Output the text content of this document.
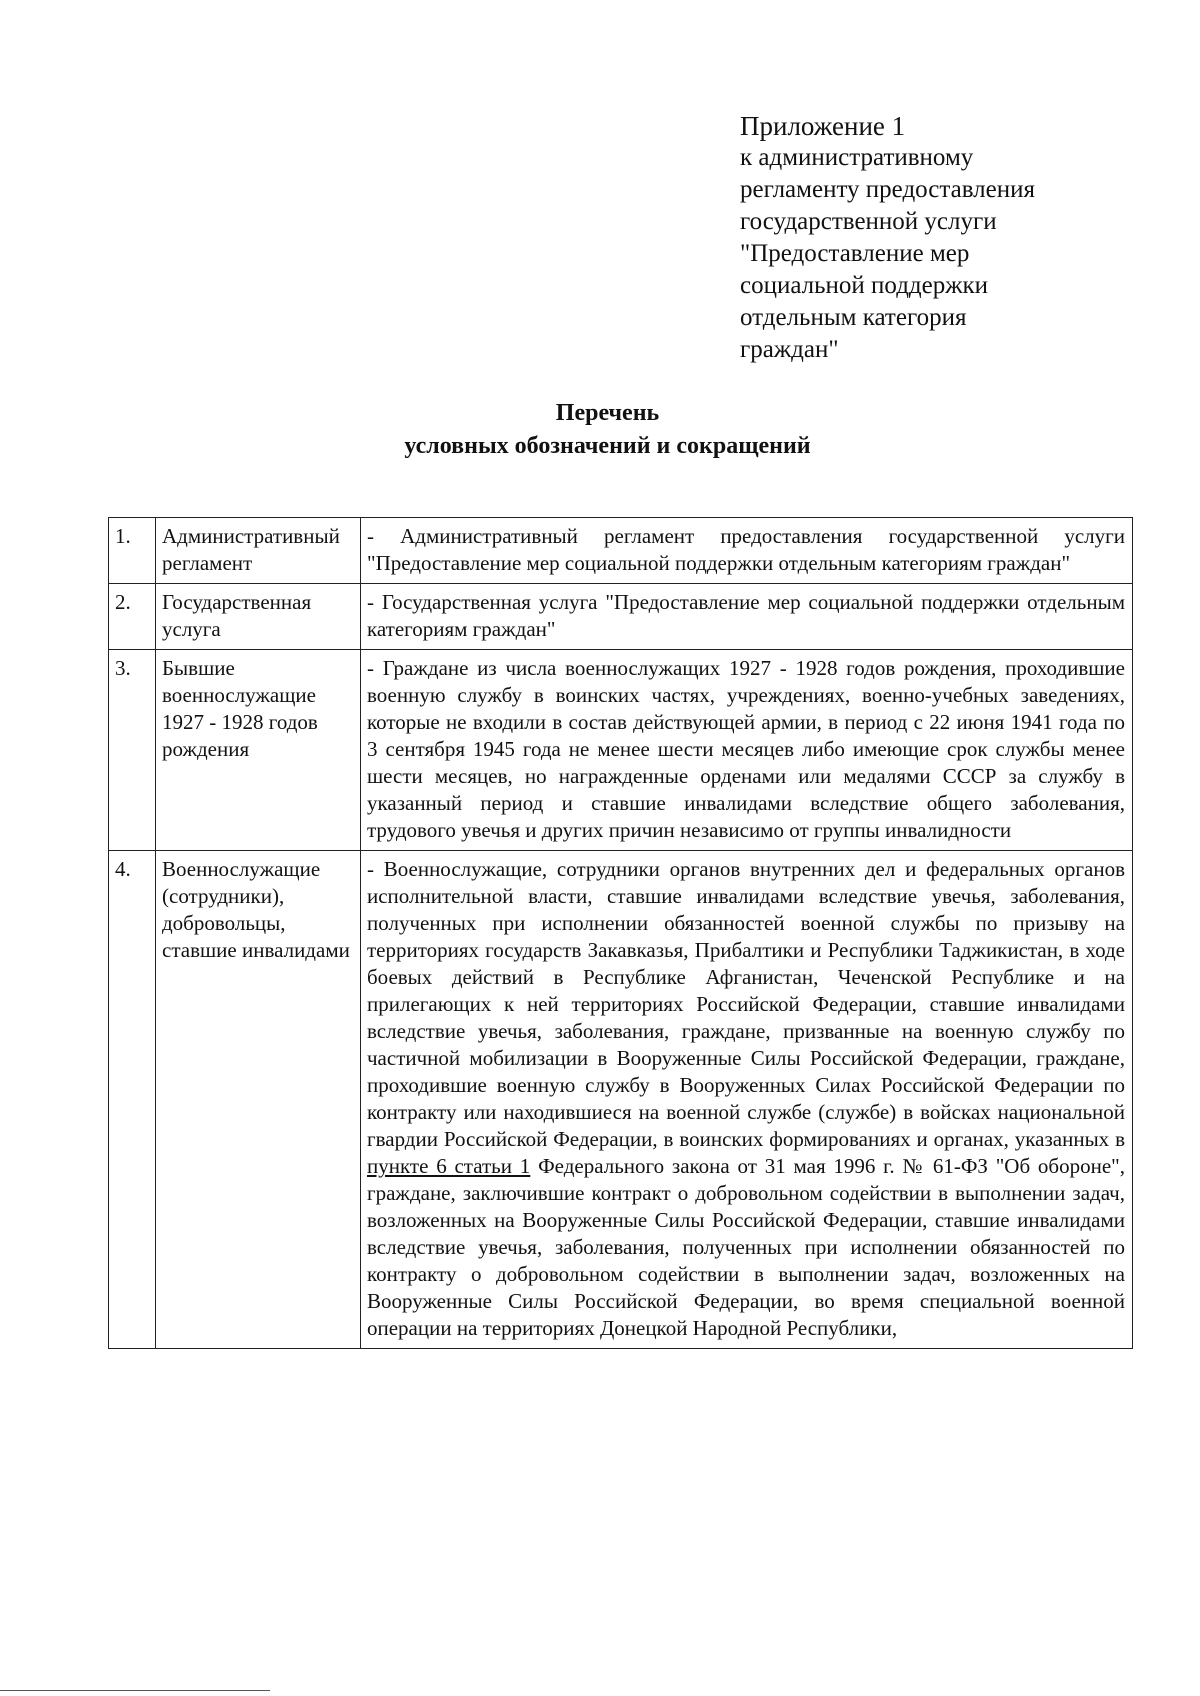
Приложение 1
к административному
регламенту предоставления
государственной услуги
"Предоставление мер
социальной поддержки
отдельным категория
граждан"
Перечень
условных обозначений и сокращений
1.	Административный регламент	- Административный регламент предоставления государственной услуги "Предоставление мер социальной поддержки отдельным категориям граждан"
2.	Государственная услуга	- Государственная услуга "Предоставление мер социальной поддержки отдельным категориям граждан"
3.	Бывшие военнослужащие 1927 - 1928 годов рождения	- Граждане из числа военнослужащих 1927 - 1928 годов рождения, проходившие военную службу в воинских частях, учреждениях, военно-учебных заведениях, которые не входили в состав действующей армии, в период с 22 июня 1941 года по 3 сентября 1945 года не менее шести месяцев либо имеющие срок службы менее шести месяцев, но награжденные орденами или медалями СССР за службу в указанный период и ставшие инвалидами вследствие общего заболевания, трудового увечья и других причин независимо от группы инвалидности
4.	Военнослужащие (сотрудники), добровольцы, ставшие инвалидами	- Военнослужащие, сотрудники органов внутренних дел и федеральных органов исполнительной власти, ставшие инвалидами вследствие увечья, заболевания, полученных при исполнении обязанностей военной службы по призыву на территориях государств Закавказья, Прибалтики и Республики Таджикистан, в ходе боевых действий в Республике Афганистан, Чеченской Республике и на прилегающих к ней территориях Российской Федерации, ставшие инвалидами вследствие увечья, заболевания, граждане, призванные на военную службу по частичной мобилизации в Вооруженные Силы Российской Федерации, граждане, проходившие военную службу в Вооруженных Силах Российской Федерации по контракту или находившиеся на военной службе (службе) в войсках национальной гвардии Российской Федерации, в воинских формированиях и органах, указанных в пункте 6 статьи 1 Федерального закона от 31 мая 1996 г. № 61-ФЗ "Об обороне", граждане, заключившие контракт о добровольном содействии в выполнении задач, возложенных на Вооруженные Силы Российской Федерации, ставшие инвалидами вследствие увечья, заболевания, полученных при исполнении обязанностей по контракту о добровольном содействии в выполнении задач, возложенных на Вооруженные Силы Российской Федерации, во время специальной военной операции на территориях Донецкой Народной Республики,
